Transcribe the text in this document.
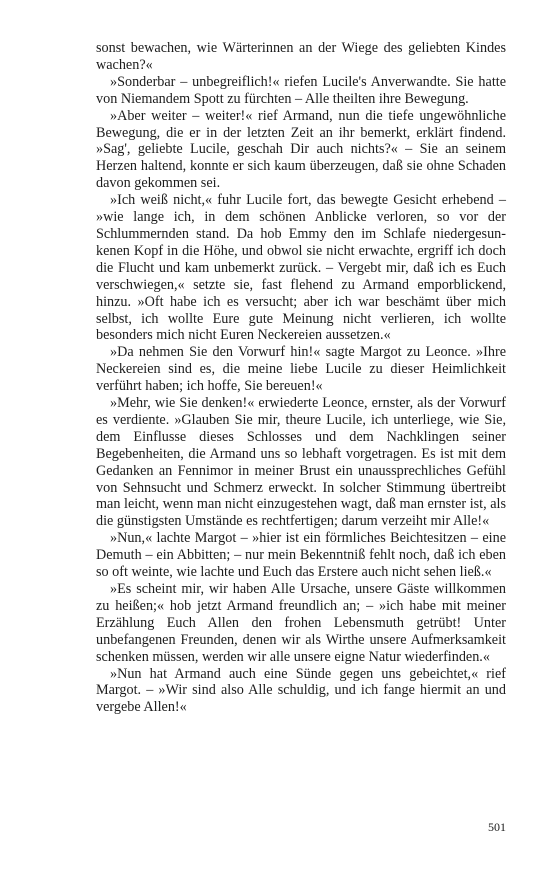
sonst bewachen, wie Wärterinnen an der Wiege des geliebten Kindes wachen?«

»Sonderbar – unbegreiflich!« riefen Lucile's Anverwandte. Sie hatte von Niemandem Spott zu fürchten – Alle theilten ihre Bewegung.

»Aber weiter – weiter!« rief Armand, nun die tiefe ungewöhnliche Bewegung, die er in der letzten Zeit an ihr bemerkt, erklärt findend. »Sag', geliebte Lucile, geschah Dir auch nichts?« – Sie an seinem Herzen haltend, konnte er sich kaum überzeugen, daß sie ohne Schaden davon gekommen sei.

»Ich weiß nicht,« fuhr Lucile fort, das bewegte Gesicht erhebend – »wie lange ich, in dem schönen Anblicke verloren, so vor der Schlummernden stand. Da hob Emmy den im Schlafe niedergesunkenen Kopf in die Höhe, und obwol sie nicht erwachte, ergriff ich doch die Flucht und kam unbemerkt zurück. – Vergebt mir, daß ich es Euch verschwiegen,« setzte sie, fast flehend zu Armand emporblickend, hinzu. »Oft habe ich es versucht; aber ich war beschämt über mich selbst, ich wollte Eure gute Meinung nicht verlieren, ich wollte besonders mich nicht Euren Neckereien aussetzen.«

»Da nehmen Sie den Vorwurf hin!« sagte Margot zu Leonce. »Ihre Neckereien sind es, die meine liebe Lucile zu dieser Heimlichkeit verführt haben; ich hoffe, Sie bereuen!«

»Mehr, wie Sie denken!« erwiederte Leonce, ernster, als der Vorwurf es verdiente. »Glauben Sie mir, theure Lucile, ich unterliege, wie Sie, dem Einflusse dieses Schlosses und dem Nachklingen seiner Begebenheiten, die Armand uns so lebhaft vorgetragen. Es ist mit dem Gedanken an Fennimor in meiner Brust ein unaussprechliches Gefühl von Sehnsucht und Schmerz erweckt. In solcher Stimmung übertreibt man leicht, wenn man nicht einzugestehen wagt, daß man ernster ist, als die günstigsten Umstände es rechtfertigen; darum verzeiht mir Alle!«

»Nun,« lachte Margot – »hier ist ein förmliches Beichtesitzen – eine Demuth – ein Abbitten; – nur mein Bekenntniß fehlt noch, daß ich eben so oft weinte, wie lachte und Euch das Erstere auch nicht sehen ließ.«

»Es scheint mir, wir haben Alle Ursache, unsere Gäste willkommen zu heißen;« hob jetzt Armand freundlich an; – »ich habe mit meiner Erzählung Euch Allen den frohen Lebensmuth getrübt! Unter unbefangenen Freunden, denen wir als Wirthe unsere Aufmerksamkeit schenken müssen, werden wir alle unsere eigne Natur wiederfinden.«

»Nun hat Armand auch eine Sünde gegen uns gebeichtet,« rief Margot. – »Wir sind also Alle schuldig, und ich fange hiermit an und vergebe Allen!«

501
